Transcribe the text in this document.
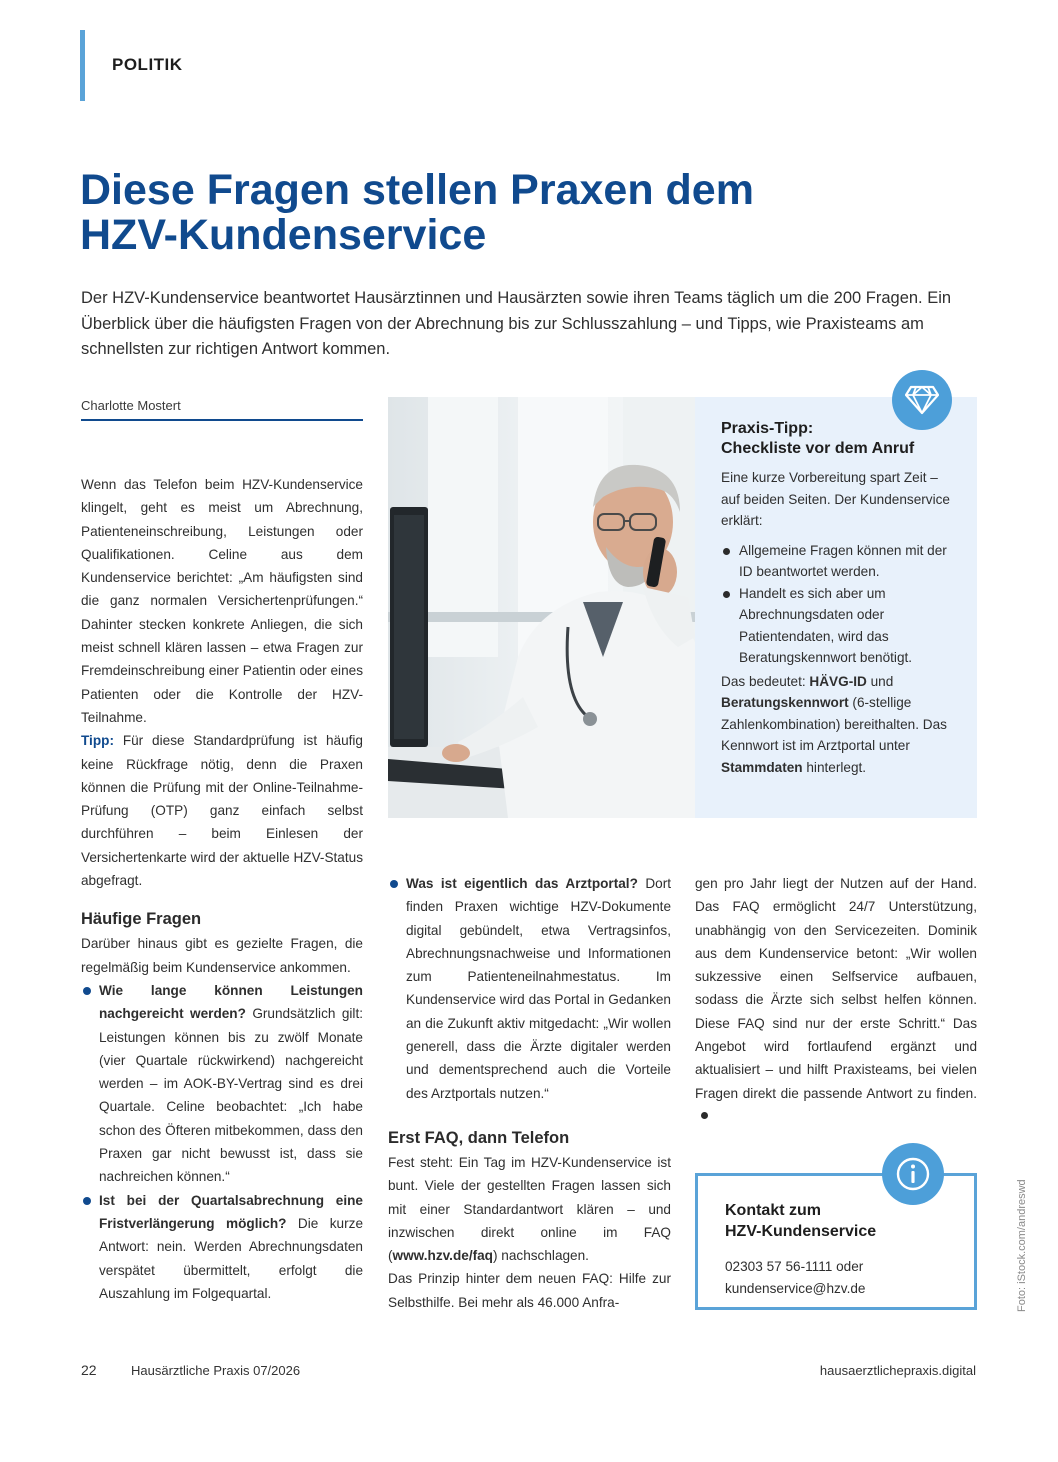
POLITIK
Diese Fragen stellen Praxen dem
HZV-Kundenservice
Der HZV-Kundenservice beantwortet Hausärztinnen und Hausärzten sowie ihren Teams täglich um die 200 Fragen. Ein Überblick über die häufigsten Fragen von der Abrechnung bis zur Schlusszahlung – und Tipps, wie Praxisteams am schnellsten zur richtigen Antwort kommen.
Charlotte Mostert

Wenn das Telefon beim HZV-Kundenservice klingelt, geht es meist um Abrechnung, Patienteneinschreibung, Leistungen oder Qualifikationen. Celine aus dem Kundenservice berichtet: „Am häufigsten sind die ganz normalen Versichertenprüfungen.“ Dahinter stecken konkrete Anliegen, die sich meist schnell klären lassen – etwa Fragen zur Fremdeinschreibung einer Patientin oder eines Patienten oder die Kontrolle der HZV-Teilnahme.

Tipp: Für diese Standardprüfung ist häufig keine Rückfrage nötig, denn die Praxen können die Prüfung mit der Online-Teilnahme-Prüfung (OTP) ganz einfach selbst durchführen – beim Einlesen der Versichertenkarte wird der aktuelle HZV-Status abgefragt.

Häufige Fragen

Darüber hinaus gibt es gezielte Fragen, die regelmäßig beim Kundenservice ankommen.

Wie lange können Leistungen nachgereicht werden? Grundsätzlich gilt: Leistungen können bis zu zwölf Monate (vier Quartale rückwirkend) nachgereicht werden – im AOK-BY-Vertrag sind es drei Quartale. Celine beobachtet: „Ich habe schon des Öfteren mitbekommen, dass den Praxen gar nicht bewusst ist, dass sie nachreichen können.“
Ist bei der Quartalsabrechnung eine Fristverlängerung möglich? Die kurze Antwort: nein. Werden Abrechnungsdaten verspätet übermittelt, erfolgt die Auszahlung im Folgequartal.
Praxis-Tipp:
Checkliste vor dem Anruf

Eine kurze Vorbereitung spart Zeit – auf beiden Seiten. Der Kundenservice erklärt:

Allgemeine Fragen können mit der ID beantwortet werden.
Handelt es sich aber um Abrechnungsdaten oder Patientendaten, wird das Beratungskennwort benötigt.

Das bedeutet: HÄVG-ID und Beratungskennwort (6-stellige Zahlenkombination) bereithalten. Das Kennwort ist im Arztportal unter Stammdaten hinterlegt.

Was ist eigentlich das Arztportal? Dort finden Praxen wichtige HZV-Dokumente digital gebündelt, etwa Vertragsinfos, Abrechnungsnachweise und Informationen zum Patienteneilnahmestatus. Im Kundenservice wird das Portal in Gedanken an die Zukunft aktiv mitgedacht: „Wir wollen generell, dass die Ärzte digitaler werden und dementsprechend auch die Vorteile des Arztportals nutzen.“
Erst FAQ, dann Telefon

Fest steht: Ein Tag im HZV-Kundenservice ist bunt. Viele der gestellten Fragen lassen sich mit einer Standardantwort klären – und inzwischen direkt online im FAQ (www.hzv.de/faq) nachschlagen.

Das Prinzip hinter dem neuen FAQ: Hilfe zur Selbsthilfe. Bei mehr als 46.000 Anfra-

gen pro Jahr liegt der Nutzen auf der Hand. Das FAQ ermöglicht 24/7 Unterstützung, unabhängig von den Servicezeiten. Dominik aus dem Kundenservice betont: „Wir wollen sukzessive einen Selfservice aufbauen, sodass die Ärzte sich selbst helfen können. Diese FAQ sind nur der erste Schritt.“ Das Angebot wird fortlaufend ergänzt und aktualisiert – und hilft Praxisteams, bei vielen Fragen direkt die passende Antwort zu finden.

Kontakt zum
HZV-Kundenservice
02303 57 56-1111 oder
kundenservice@hzv.de	Foto: iStock.com/andreswd
22	Hausärztliche Praxis 07/2026	hausaerztlichepraxis.digital
